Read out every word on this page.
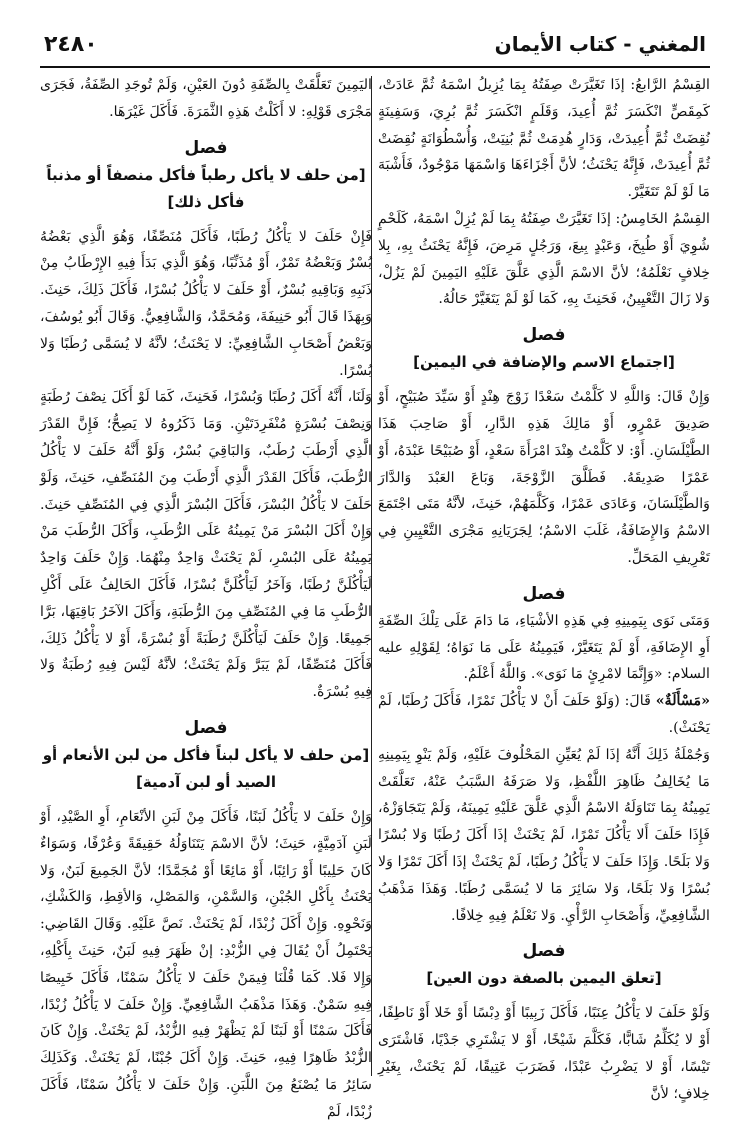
٢٤٨٠	المغني - كتاب الأيمان

القِسْمُ الرَّابعُ: إذَا تَغَيَّرَتْ صِفَتُهُ بِمَا يُزِيلُ اسْمَهُ ثُمَّ عَادَتْ، كَمِقَصٍّ انْكَسَرَ ثُمَّ أُعِيدَ، وَقَلَمٍ انْكَسَرَ ثُمَّ بُرِيَ، وَسَفِينَةٍ نُقِضَتْ ثُمَّ أُعِيدَتْ، وَدَارٍ هُدِمَتْ ثُمَّ بُنِيَتْ، وَأُسْطُوَانَةٍ نُقِضَتْ ثُمَّ أُعِيدَتْ، فَإِنَّهُ يَحْنَثُ؛ لأنَّ أَجْزَاءَهَا وَاسْمَهَا مَوْجُودٌ، فَأَشْبَهَ مَا لَوْ لَمْ تَتَغَيَّرْ.

القِسْمُ الخَامِسُ: إذَا تَغَيَّرَتْ صِفَتُهُ بِمَا لَمْ يُزِلْ اسْمَهُ، كَلَحْمٍ شُوِيَ أَوْ طُبِخَ، وَعَبْدٍ بِيعَ، وَرَجُلٍ مَرِضَ، فَإِنَّهُ يَحْنَثُ بِهِ، بِلا خِلافٍ نَعْلَمُهُ؛ لأنَّ الاسْمَ الَّذِي عَلَّقَ عَلَيْهِ اليَمِينَ لَمْ يَزُلْ، وَلا زَالَ التَّعْيِينُ، فَحَنِثَ بِهِ، كَمَا لَوْ لَمْ يَتَغَيَّرْ حَالُهُ.

فصل
[اجتماع الاسم والإضافة في اليمين]

وَإِنْ قَالَ: وَاللَّهِ لا كَلَّمْتُ سَعْدًا زَوْجَ هِنْدٍ أَوْ سَيِّدَ صُبَيْحٍ، أَوْ صَدِيقَ عَمْرٍو، أَوْ مَالِكَ هَذِهِ الدَّارِ، أَوْ صَاحِبَ هَذَا الطَّيْلَسَانِ. أَوْ: لا كَلَّمْتُ هِنْدَ امْرَأَةَ سَعْدٍ، أَوْ صُبَيْحًا عَبْدَهُ، أَوْ عَمْرًا صَدِيقَهُ. فَطَلَّقَ الزَّوْجَةَ، وَبَاعَ العَبْدَ وَالدَّارَ وَالطَّيْلَسَانَ، وَعَادَى عَمْرًا، وَكَلَّمَهُمْ، حَنِثَ، لأنَّهُ مَتَى اجْتَمَعَ الاسْمُ وَالإِضَافَةُ، غَلَبَ الاسْمُ؛ لِجَرَيَانِهِ مَجْرَى التَّعْيِينِ فِي تَعْرِيفِ المَحَلِّ.

فصل

وَمَتَى نَوَى بِيَمِينِهِ فِي هَذِهِ الأشْيَاءِ، مَا دَامَ عَلَى تِلْكَ الصِّفَةِ أَوِ الإِضَافَةِ، أَوْ لَمْ يَتَغَيَّرْ، فَيَمِينُهُ عَلَى مَا نَوَاهُ؛ لِقَوْلِهِ عليه السلام: «وَإِنَّمَا لامْرِئٍ مَا نَوَى». وَاللَّهُ أَعْلَمُ.

«مَسْأَلَةٌ» قَالَ: (وَلَوْ حَلَفَ أَنْ لا يَأْكُلَ تَمْرًا، فَأَكَلَ رُطَبًا، لَمْ يَحْنَثْ).

وَجُمْلَةُ ذَلِكَ أَنَّهُ إذَا لَمْ يُعَيِّنِ المَحْلُوفَ عَلَيْهِ، وَلَمْ يَنْوِ بِيَمِينِهِ مَا يُخَالِفُ ظَاهِرَ اللَّفْظِ، وَلا صَرَفَهُ السَّبَبُ عَنْهُ، تَعَلَّقَتْ يَمِينُهُ بِمَا تَنَاوَلَهُ الاسْمُ الَّذِي عَلَّقَ عَلَيْهِ يَمِينَهُ، وَلَمْ يَتَجَاوَزْهُ، فَإِذَا حَلَفَ أَلا يَأْكُلَ تَمْرًا، لَمْ يَحْنَثْ إذَا أَكَلَ رُطَبًا وَلا بُسْرًا وَلا بَلَحًا. وَإِذَا حَلَفَ لا يَأْكُلُ رُطَبًا، لَمْ يَحْنَثْ إذَا أَكَلَ تَمْرًا وَلا بُسْرًا وَلا بَلَحًا، وَلا سَائِرَ مَا لا يُسَمَّى رُطَبًا. وَهَذَا مَذْهَبُ الشَّافِعِيِّ، وَأَصْحَابِ الرَّأْيِ. وَلا نَعْلَمُ فِيهِ خِلافًا.

فصل
[تعلق اليمين بالصفة دون العين]

وَلَوْ حَلَفَ لا يَأْكُلُ عِنَبًا، فَأَكَلَ زَبِيبًا أَوْ دِبْسًا أَوْ خَلا أَوْ نَاطِفًا، أَوْ لا يُكَلِّمُ شَابًّا، فَكَلَّمَ شَيْخًا، أَوْ لا يَشْتَرِي جَدْيًا، فَاشْتَرَى تَيْسًا، أَوْ لا يَضْرِبُ عَبْدًا، فَضَرَبَ عَتِيقًا، لَمْ يَحْنَثْ، بِغَيْرِ خِلافٍ؛ لأنَّ

اليَمِينَ تَعَلَّقَتْ بِالصِّفَةِ دُونَ العَيْنِ، وَلَمْ تُوجَدِ الصِّفَةُ، فَجَرَى مَجْرَى قَوْلِهِ: لا أَكَلْتُ هَذِهِ الثَّمَرَةَ. فَأَكَلَ غَيْرَهَا.

فصل
[من حلف لا يأكل رطباً فأكل منصفاً أو مذنباً فأكل ذلك]

فَإِنْ حَلَفَ لا يَأْكُلُ رُطَبًا، فَأَكَلَ مُنَصِّفًا، وَهُوَ الَّذِي بَعْضُهُ بُسْرٌ وَبَعْضُهُ تَمْرٌ، أَوْ مُذَنِّبًا، وَهُوَ الَّذِي بَدَأَ فِيهِ الإِرْطَابُ مِنْ ذَنَبِهِ وَبَاقِيهِ بُسْرٌ، أَوْ حَلَفَ لا يَأْكُلُ بُسْرًا، فَأَكَلَ ذَلِكَ، حَنِثَ. وَبِهَذَا قَالَ أَبُو حَنِيفَةَ، وَمُحَمَّدٌ، وَالشَّافِعِيُّ. وَقَالَ أَبُو يُوسُفَ، وَبَعْضُ أَصْحَابِ الشَّافِعِيِّ: لا يَحْنَثُ؛ لأنَّهُ لا يُسَمَّى رُطَبًا وَلا بُسْرًا.

وَلَنَا، أَنَّهُ أَكَلَ رُطَبًا وَبُسْرًا، فَحَنِثَ، كَمَا لَوْ أَكَلَ نِصْفَ رُطَبَةٍ وَنِصْفَ بُسْرَةٍ مُنْفَرِدَتَيْنِ. وَمَا ذَكَرُوهُ لا يَصِحُّ؛ فَإِنَّ القَدْرَ الَّذِي أَرْطَبَ رُطَبٌ، وَالبَاقِيَ بُسْرٌ، وَلَوْ أَنَّهُ حَلَفَ لا يَأْكُلُ الرُّطَبَ، فَأَكَلَ القَدْرَ الَّذِي أَرْطَبَ مِنَ المُنَصِّفِ، حَنِثَ، وَلَوْ حَلَفَ لا يَأْكُلُ البُسْرَ، فَأَكَلَ البُسْرَ الَّذِي فِي المُنَصِّفِ حَنِثَ. وَإِنْ أَكَلَ البُسْرَ مَنْ يَمِينُهُ عَلَى الرُّطَبِ، وَأَكَلَ الرُّطَبَ مَنْ يَمِينُهُ عَلَى البُسْرِ، لَمْ يَحْنَثْ وَاحِدٌ مِنْهُمَا. وَإِنْ حَلَفَ وَاحِدٌ لَيَأْكُلَنَّ رُطَبًا، وَآخَرُ لَيَأْكُلَنَّ بُسْرًا، فَأَكَلَ الحَالِفُ عَلَى أَكْلِ الرُّطَبِ مَا فِي المُنَصِّفِ مِنَ الرُّطَبَةِ، وَأَكَلَ الآخَرُ بَاقِيَهَا، بَرَّا جَمِيعًا. وَإِنْ حَلَفَ لَيَأْكُلَنَّ رُطَبَةً أَوْ بُسْرَةً، أَوْ لا يَأْكُلُ ذَلِكَ، فَأَكَلَ مُنَصِّفًا، لَمْ يَبَرَّ وَلَمْ يَحْنَثْ؛ لأنَّهُ لَيْسَ فِيهِ رُطَبَةٌ وَلا فِيهِ بُسْرَةٌ.

فصل
[من حلف لا يأكل لبناً فأكل من لبن الأنعام أو الصيد أو لبن آدمية]

وَإِنْ حَلَفَ لا يَأْكُلُ لَبَنًا، فَأَكَلَ مِنْ لَبَنِ الأنْعَامِ، أَوِ الصَّيْدِ، أَوْ لَبَنِ آدَمِيَّةٍ، حَنِثَ؛ لأنَّ الاسْمَ يَتَنَاوَلُهُ حَقِيقَةً وَعُرْفًا، وَسَوَاءٌ كَانَ حَلِيبًا أَوْ رَائِبًا، أَوْ مَائِعًا أَوْ مُجَمَّدًا؛ لأنَّ الجَمِيعَ لَبَنٌ، وَلا يَحْنَثُ بِأَكْلِ الجُبْنِ، وَالسَّمْنِ، وَالمَصْلِ، وَالأقِطِ، وَالكَشْكِ، وَنَحْوِهِ. وَإِنْ أَكَلَ زُبْدًا، لَمْ يَحْنَثْ. نَصَّ عَلَيْهِ. وَقَالَ القَاضِي: يَحْتَمِلُ أَنْ يُقَالَ فِي الزُّبْدِ: إنْ ظَهَرَ فِيهِ لَبَنٌ، حَنِثَ بِأَكْلِهِ، وَإِلا فَلا. كَمَا قُلْنَا فِيمَنْ حَلَفَ لا يَأْكُلُ سَمْنًا، فَأَكَلَ خَبِيصًا فِيهِ سَمْنٌ. وَهَذَا مَذْهَبُ الشَّافِعِيِّ. وَإِنْ حَلَفَ لا يَأْكُلُ زُبْدًا، فَأَكَلَ سَمْنًا أَوْ لَبَنًا لَمْ يَظْهَرْ فِيهِ الزُّبْدُ، لَمْ يَحْنَثْ. وَإِنْ كَانَ الزُّبْدُ ظَاهِرًا فِيهِ، حَنِثَ. وَإِنْ أَكَلَ جُبْنًا، لَمْ يَحْنَثْ. وَكَذَلِكَ سَائِرُ مَا يُصْنَعُ مِنَ اللَّبَنِ. وَإِنْ حَلَفَ لا يَأْكُلُ سَمْنًا، فَأَكَلَ زُبْدًا، لَمْ
